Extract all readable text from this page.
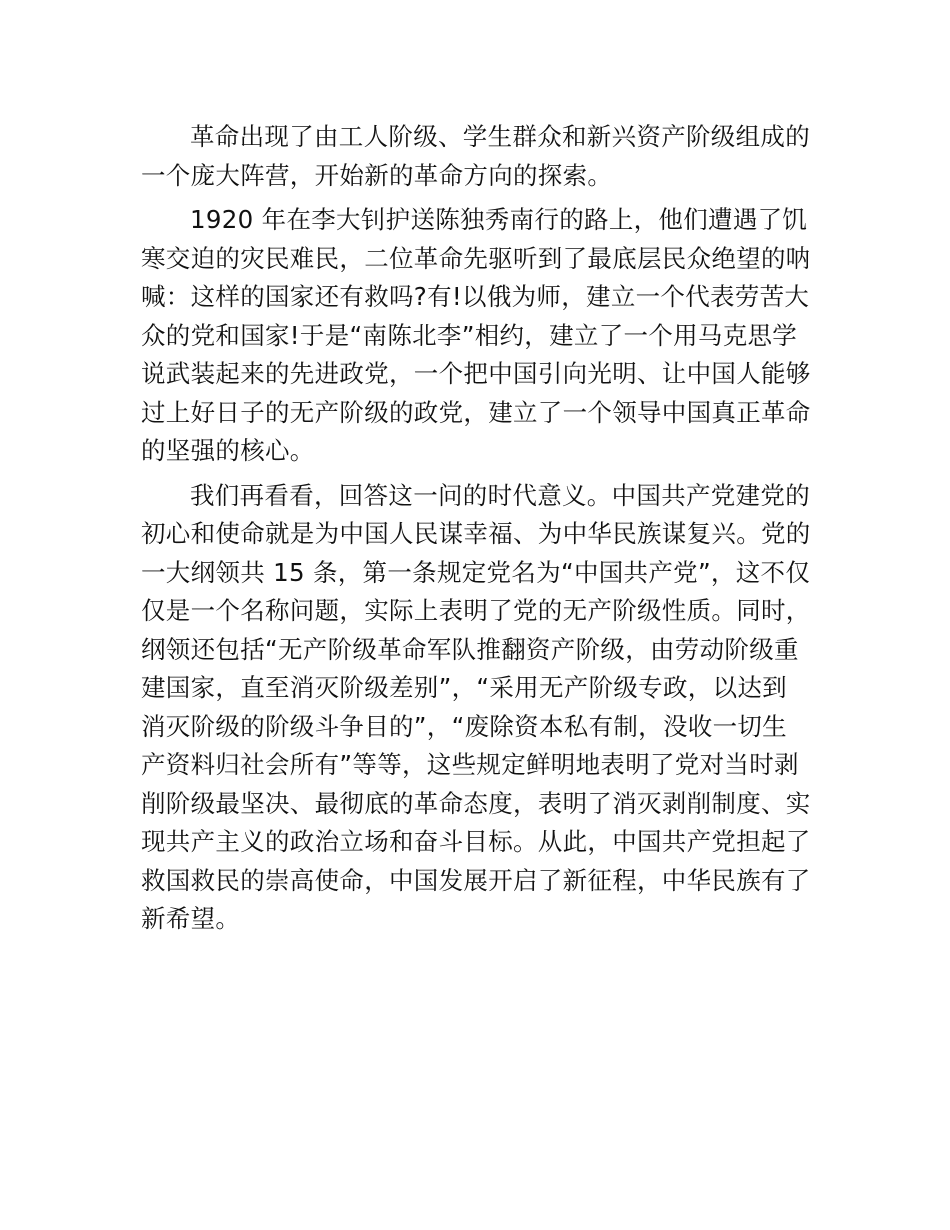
革命出现了由工人阶级、学生群众和新兴资产阶级组成的
一个庞大阵营，开始新的革命方向的探索。

1920 年在李大钊护送陈独秀南行的路上，他们遭遇了饥
寒交迫的灾民难民，二位革命先驱听到了最底层民众绝望的呐
喊：这样的国家还有救吗?有!以俄为师，建立一个代表劳苦大
众的党和国家!于是“南陈北李”相约，建立了一个用马克思学
说武装起来的先进政党，一个把中国引向光明、让中国人能够
过上好日子的无产阶级的政党，建立了一个领导中国真正革命
的坚强的核心。

我们再看看，回答这一问的时代意义。中国共产党建党的
初心和使命就是为中国人民谋幸福、为中华民族谋复兴。党的
一大纲领共 15 条，第一条规定党名为“中国共产党”，这不仅
仅是一个名称问题，实际上表明了党的无产阶级性质。同时，
纲领还包括“无产阶级革命军队推翻资产阶级，由劳动阶级重
建国家，直至消灭阶级差别”，“采用无产阶级专政，以达到
消灭阶级的阶级斗争目的”，“废除资本私有制，没收一切生
产资料归社会所有”等等，这些规定鲜明地表明了党对当时剥
削阶级最坚决、最彻底的革命态度，表明了消灭剥削制度、实
现共产主义的政治立场和奋斗目标。从此，中国共产党担起了
救国救民的崇高使命，中国发展开启了新征程，中华民族有了
新希望。
